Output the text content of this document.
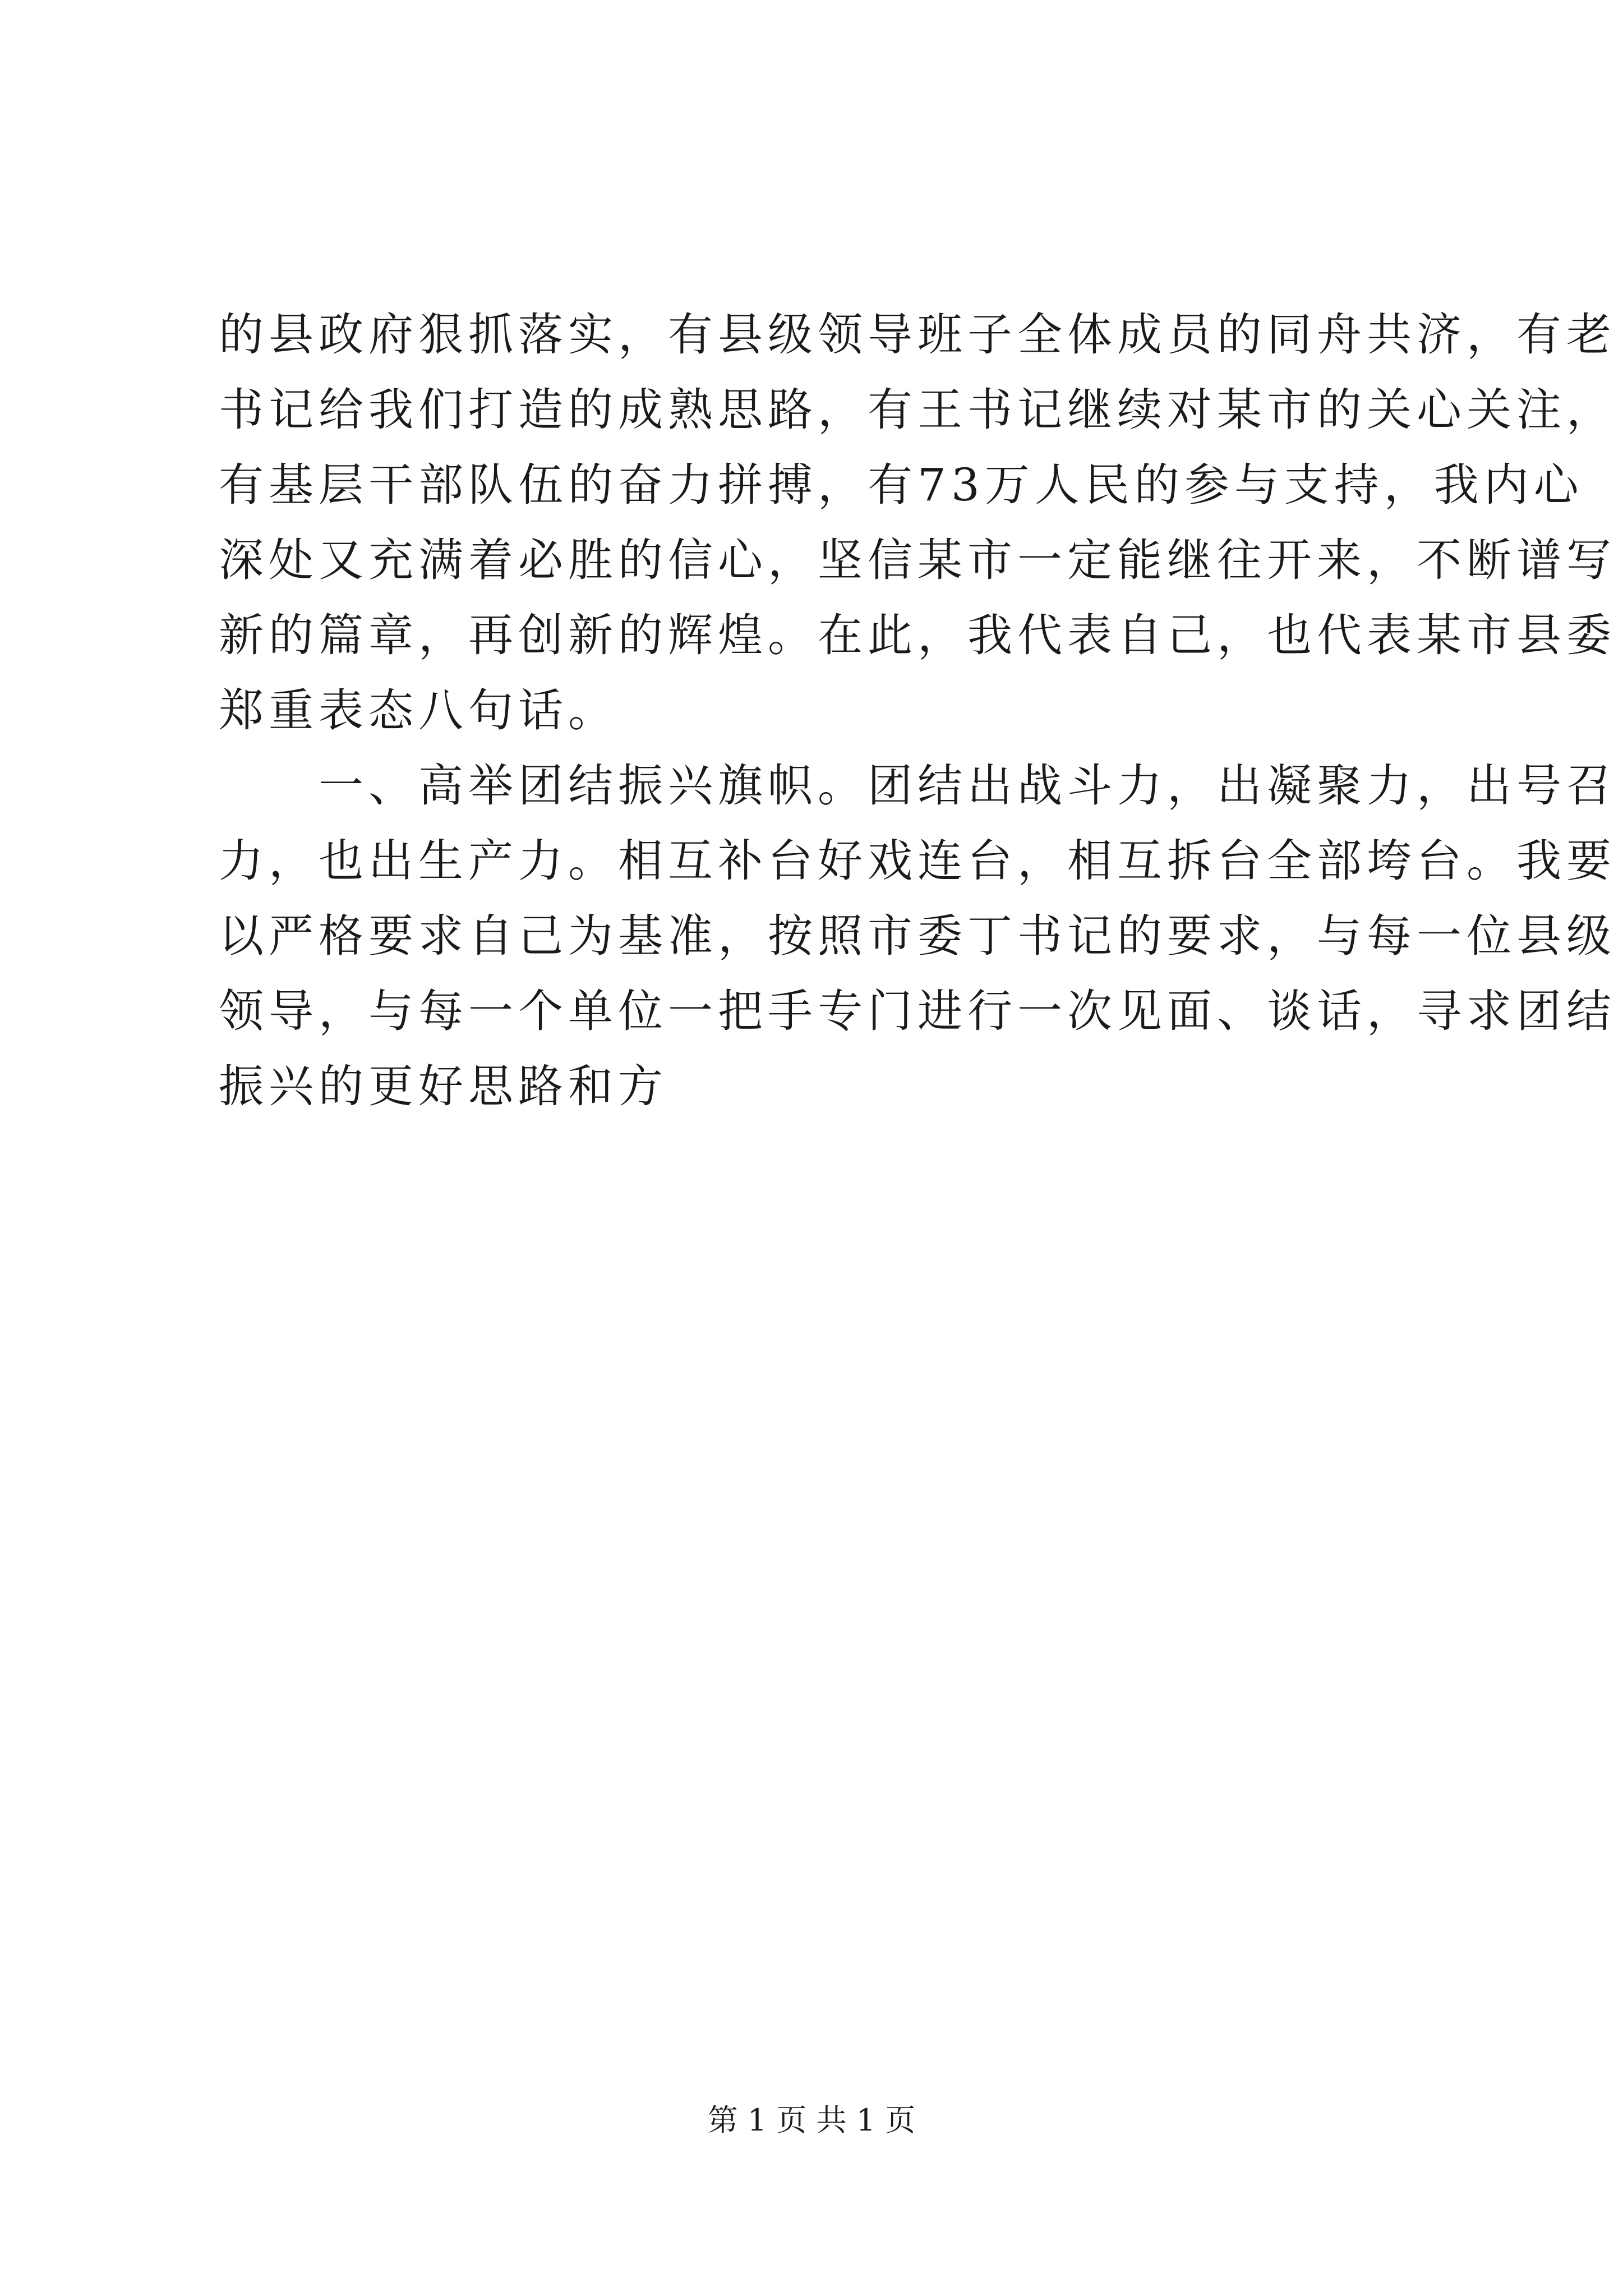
的县政府狠抓落实，有县级领导班子全体成员的同舟共济，有老
书记给我们打造的成熟思路，有王书记继续对某市的关心关注，
有基层干部队伍的奋力拼搏，有73万人民的参与支持，我内心
深处又充满着必胜的信心，坚信某市一定能继往开来，不断谱写
新的篇章，再创新的辉煌。在此，我代表自己，也代表某市县委
郑重表态八句话。
　　一、高举团结振兴旗帜。团结出战斗力，出凝聚力，出号召
力，也出生产力。相互补台好戏连台，相互拆台全部垮台。我要
以严格要求自己为基准，按照市委丁书记的要求，与每一位县级
领导，与每一个单位一把手专门进行一次见面、谈话，寻求团结
振兴的更好思路和方
第 1 页 共 1 页
